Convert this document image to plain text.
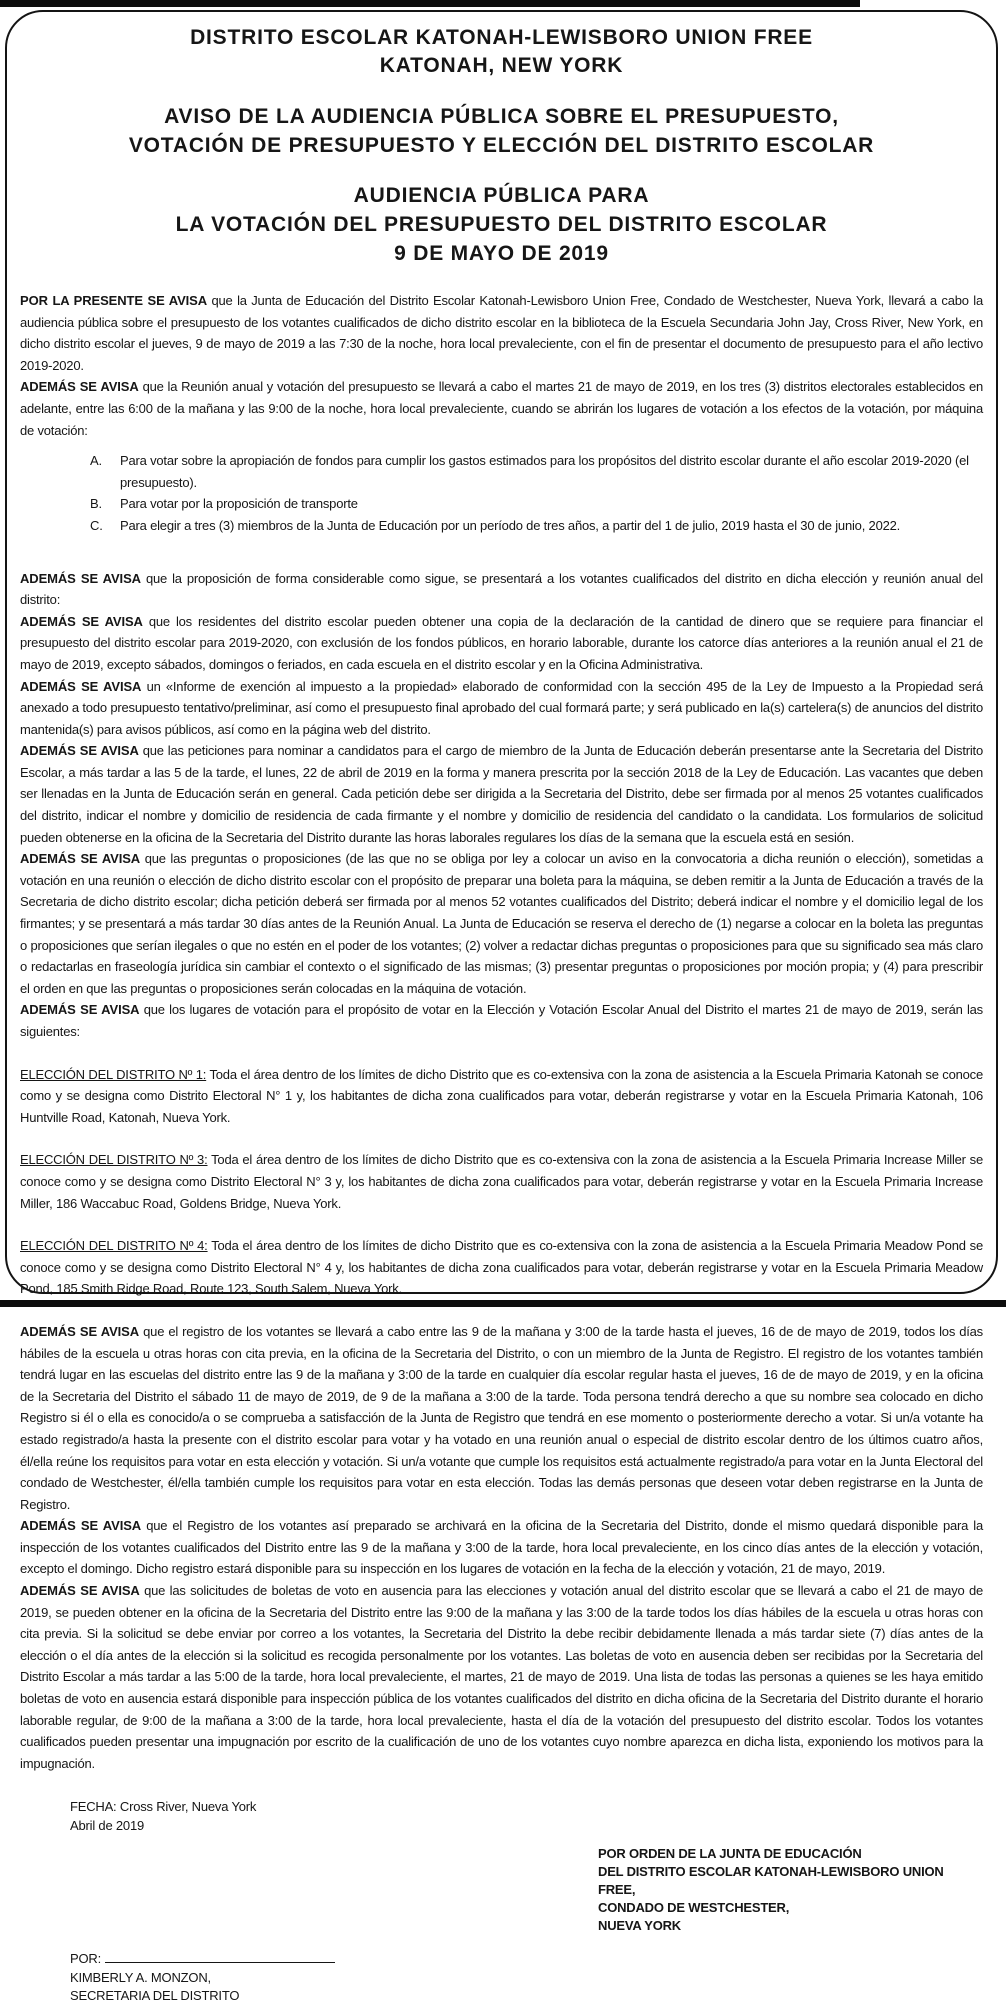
DISTRITO ESCOLAR KATONAH-LEWISBORO UNION FREE
KATONAH, NEW YORK
AVISO DE LA AUDIENCIA PÚBLICA SOBRE EL PRESUPUESTO,
VOTACIÓN DE PRESUPUESTO Y ELECCIÓN DEL DISTRITO ESCOLAR
AUDIENCIA PÚBLICA PARA
LA VOTACIÓN DEL PRESUPUESTO DEL DISTRITO ESCOLAR
9 DE MAYO DE 2019

POR LA PRESENTE SE AVISA que la Junta de Educación del Distrito Escolar Katonah-Lewisboro Union Free, Condado de Westchester, Nueva York, llevará a cabo la audiencia pública sobre el presupuesto de los votantes cualificados de dicho distrito escolar en la biblioteca de la Escuela Secundaria John Jay, Cross River, New York, en dicho distrito escolar el jueves, 9 de mayo de 2019 a las 7:30 de la noche, hora local prevaleciente, con el fin de presentar el documento de presupuesto para el año lectivo 2019-2020.

ADEMÁS SE AVISA que la Reunión anual y votación del presupuesto se llevará a cabo el martes 21 de mayo de 2019, en los tres (3) distritos electorales establecidos en adelante, entre las 6:00 de la mañana y las 9:00 de la noche, hora local prevaleciente, cuando se abrirán los lugares de votación a los efectos de la votación, por máquina de votación:

A.	Para votar sobre la apropiación de fondos para cumplir los gastos estimados para los propósitos del distrito escolar durante el año escolar 2019-2020 (el presupuesto).
B.	Para votar por la proposición de transporte
C.	Para elegir a tres (3) miembros de la Junta de Educación por un período de tres años, a partir del 1 de julio, 2019 hasta el 30 de junio, 2022.

ADEMÁS SE AVISA que la proposición de forma considerable como sigue, se presentará a los votantes cualificados del distrito en dicha elección y reunión anual del distrito:

ADEMÁS SE AVISA que los residentes del distrito escolar pueden obtener una copia de la declaración de la cantidad de dinero que se requiere para financiar el presupuesto del distrito escolar para 2019-2020, con exclusión de los fondos públicos, en horario laborable, durante los catorce días anteriores a la reunión anual el 21 de mayo de 2019, excepto sábados, domingos o feriados, en cada escuela en el distrito escolar y en la Oficina Administrativa.

ADEMÁS SE AVISA un «Informe de exención al impuesto a la propiedad» elaborado de conformidad con la sección 495 de la Ley de Impuesto a la Propiedad será anexado a todo presupuesto tentativo/preliminar, así como el presupuesto final aprobado del cual formará parte; y será publicado en la(s) cartelera(s) de anuncios del distrito mantenida(s) para avisos públicos, así como en la página web del distrito.

ADEMÁS SE AVISA que las peticiones para nominar a candidatos para el cargo de miembro de la Junta de Educación deberán presentarse ante la Secretaria del Distrito Escolar, a más tardar a las 5 de la tarde, el lunes, 22 de abril de 2019 en la forma y manera prescrita por la sección 2018 de la Ley de Educación. Las vacantes que deben ser llenadas en la Junta de Educación serán en general. Cada petición debe ser dirigida a la Secretaria del Distrito, debe ser firmada por al menos 25 votantes cualificados del distrito, indicar el nombre y domicilio de residencia de cada firmante y el nombre y domicilio de residencia del candidato o la candidata. Los formularios de solicitud pueden obtenerse en la oficina de la Secretaria del Distrito durante las horas laborales regulares los días de la semana que la escuela está en sesión.

ADEMÁS SE AVISA que las preguntas o proposiciones (de las que no se obliga por ley a colocar un aviso en la convocatoria a dicha reunión o elección), sometidas a votación en una reunión o elección de dicho distrito escolar con el propósito de preparar una boleta para la máquina, se deben remitir a la Junta de Educación a través de la Secretaria de dicho distrito escolar; dicha petición deberá ser firmada por al menos 52 votantes cualificados del Distrito; deberá indicar el nombre y el domicilio legal de los firmantes; y se presentará a más tardar 30 días antes de la Reunión Anual. La Junta de Educación se reserva el derecho de (1) negarse a colocar en la boleta las preguntas o proposiciones que serían ilegales o que no estén en el poder de los votantes; (2) volver a redactar dichas preguntas o proposiciones para que su significado sea más claro o redactarlas en fraseología jurídica sin cambiar el contexto o el significado de las mismas; (3) presentar preguntas o proposiciones por moción propia; y (4) para prescribir el orden en que las preguntas o proposiciones serán colocadas en la máquina de votación.

ADEMÁS SE AVISA que los lugares de votación para el propósito de votar en la Elección y Votación Escolar Anual del Distrito el martes 21 de mayo de 2019, serán las siguientes:

ELECCIÓN DEL DISTRITO Nº 1: Toda el área dentro de los límites de dicho Distrito que es co-extensiva con la zona de asistencia a la Escuela Primaria Katonah se conoce como y se designa como Distrito Electoral N° 1 y, los habitantes de dicha zona cualificados para votar, deberán registrarse y votar en la Escuela Primaria Katonah, 106 Huntville Road, Katonah, Nueva York.

ELECCIÓN DEL DISTRITO Nº 3: Toda el área dentro de los límites de dicho Distrito que es co-extensiva con la zona de asistencia a la Escuela Primaria Increase Miller se conoce como y se designa como Distrito Electoral N° 3 y, los habitantes de dicha zona cualificados para votar, deberán registrarse y votar en la Escuela Primaria Increase Miller, 186 Waccabuc Road, Goldens Bridge, Nueva York.

ELECCIÓN DEL DISTRITO Nº 4: Toda el área dentro de los límites de dicho Distrito que es co-extensiva con la zona de asistencia a la Escuela Primaria Meadow Pond se conoce como y se designa como Distrito Electoral N° 4 y, los habitantes de dicha zona cualificados para votar, deberán registrarse y votar en la Escuela Primaria Meadow Pond, 185 Smith Ridge Road, Route 123, South Salem, Nueva York.

ADEMÁS SE AVISA que el registro de los votantes se llevará a cabo entre las 9 de la mañana y 3:00 de la tarde hasta el jueves, 16 de de mayo de 2019, todos los días hábiles de la escuela u otras horas con cita previa, en la oficina de la Secretaria del Distrito, o con un miembro de la Junta de Registro. El registro de los votantes también tendrá lugar en las escuelas del distrito entre las 9 de la mañana y 3:00 de la tarde en cualquier día escolar regular hasta el jueves, 16 de de mayo de 2019, y en la oficina de la Secretaria del Distrito el sábado 11 de mayo de 2019, de 9 de la mañana a 3:00 de la tarde. Toda persona tendrá derecho a que su nombre sea colocado en dicho Registro si él o ella es conocido/a o se comprueba a satisfacción de la Junta de Registro que tendrá en ese momento o posteriormente derecho a votar. Si un/a votante ha estado registrado/a hasta la presente con el distrito escolar para votar y ha votado en una reunión anual o especial de distrito escolar dentro de los últimos cuatro años, él/ella reúne los requisitos para votar en esta elección y votación. Si un/a votante que cumple los requisitos está actualmente registrado/a para votar en la Junta Electoral del condado de Westchester, él/ella también cumple los requisitos para votar en esta elección. Todas las demás personas que deseen votar deben registrarse en la Junta de Registro.

ADEMÁS SE AVISA que el Registro de los votantes así preparado se archivará en la oficina de la Secretaria del Distrito, donde el mismo quedará disponible para la inspección de los votantes cualificados del Distrito entre las 9 de la mañana y 3:00 de la tarde, hora local prevaleciente, en los cinco días antes de la elección y votación, excepto el domingo. Dicho registro estará disponible para su inspección en los lugares de votación en la fecha de la elección y votación, 21 de mayo, 2019.

ADEMÁS SE AVISA que las solicitudes de boletas de voto en ausencia para las elecciones y votación anual del distrito escolar que se llevará a cabo el 21 de mayo de 2019, se pueden obtener en la oficina de la Secretaria del Distrito entre las 9:00 de la mañana y las 3:00 de la tarde todos los días hábiles de la escuela u otras horas con cita previa. Si la solicitud se debe enviar por correo a los votantes, la Secretaria del Distrito la debe recibir debidamente llenada a más tardar siete (7) días antes de la elección o el día antes de la elección si la solicitud es recogida personalmente por los votantes. Las boletas de voto en ausencia deben ser recibidas por la Secretaria del Distrito Escolar a más tardar a las 5:00 de la tarde, hora local prevaleciente, el martes, 21 de mayo de 2019. Una lista de todas las personas a quienes se les haya emitido boletas de voto en ausencia estará disponible para inspección pública de los votantes cualificados del distrito en dicha oficina de la Secretaria del Distrito durante el horario laborable regular, de 9:00 de la mañana a 3:00 de la tarde, hora local prevaleciente, hasta el día de la votación del presupuesto del distrito escolar. Todos los votantes cualificados pueden presentar una impugnación por escrito de la cualificación de uno de los votantes cuyo nombre aparezca en dicha lista, exponiendo los motivos para la impugnación.

FECHA: Cross River, Nueva York
Abril de 2019
POR ORDEN DE LA JUNTA DE EDUCACIÓN
DEL DISTRITO ESCOLAR KATONAH-LEWISBORO UNION FREE,
CONDADO DE WESTCHESTER,
NUEVA YORK
POR:
KIMBERLY A. MONZON,
SECRETARIA DEL DISTRITO
